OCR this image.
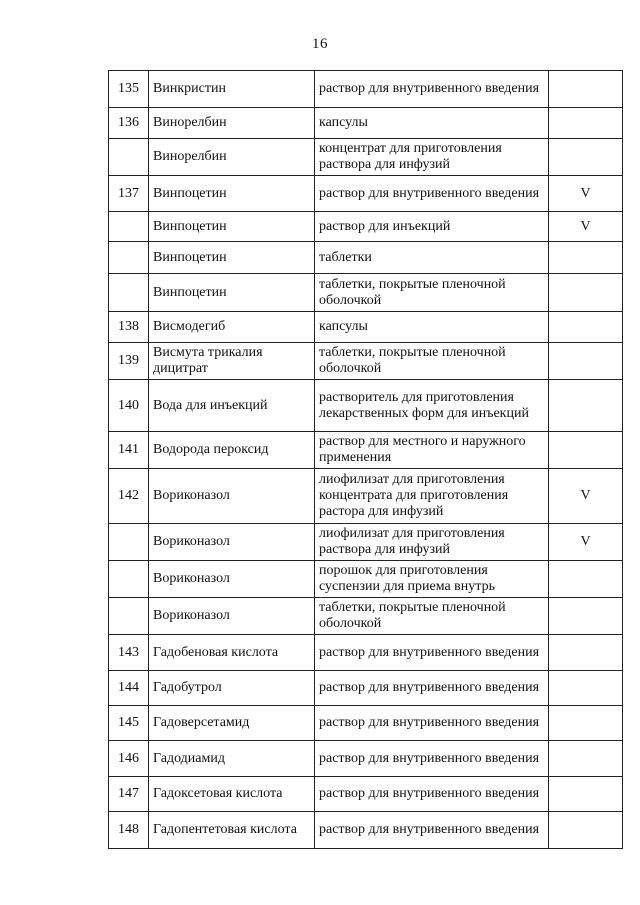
16
135	Винкристин	раствор для внутривенного введения	
136	Винорелбин	капсулы	
	Винорелбин	концентрат для приготовления раствора для инфузий	
137	Винпоцетин	раствор для внутривенного введения	V
	Винпоцетин	раствор для инъекций	V
	Винпоцетин	таблетки	
	Винпоцетин	таблетки, покрытые пленочной оболочкой	
138	Висмодегиб	капсулы	
139	Висмута трикалия дицитрат	таблетки, покрытые пленочной оболочкой	
140	Вода для инъекций	растворитель для приготовления лекарственных форм для инъекций	
141	Водорода пероксид	раствор для местного и наружного применения	
142	Вориконазол	лиофилизат для приготовления концентрата для приготовления растора для инфузий	V
	Вориконазол	лиофилизат для приготовления раствора для инфузий	V
	Вориконазол	порошок для приготовления суспензии для приема внутрь	
	Вориконазол	таблетки, покрытые пленочной оболочкой	
143	Гадобеновая кислота	раствор для внутривенного введения	
144	Гадобутрол	раствор для внутривенного введения	
145	Гадоверсетамид	раствор для внутривенного введения	
146	Гадодиамид	раствор для внутривенного введения	
147	Гадоксетовая кислота	раствор для внутривенного введения	
148	Гадопентетовая кислота	раствор для внутривенного введения	
